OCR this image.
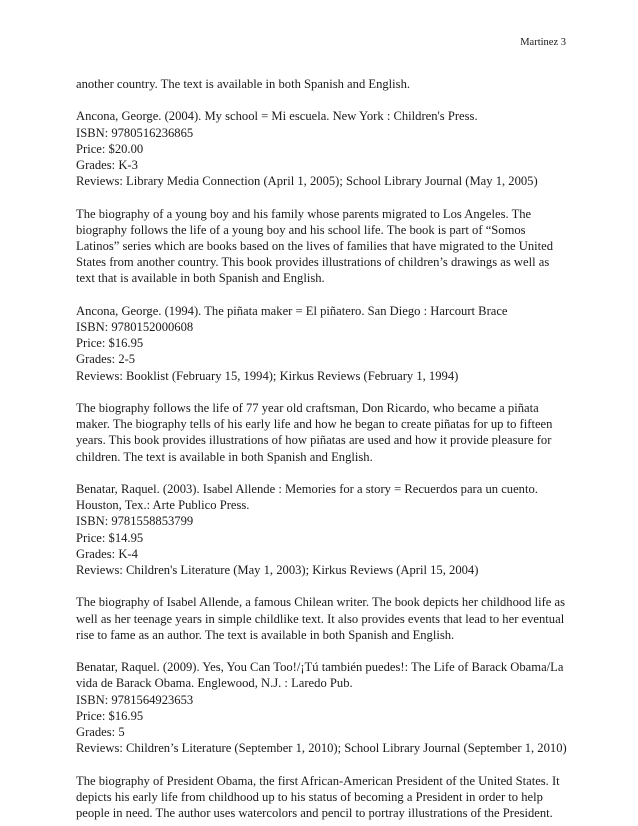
Martinez 3

another country. The text is available in both Spanish and English.

Ancona, George. (2004). My school = Mi escuela. New York : Children's Press.

ISBN: 9780516236865

Price: $20.00

Grades: K-3

Reviews: Library Media Connection (April 1, 2005); School Library Journal (May 1, 2005)

The biography of a young boy and his family whose parents migrated to Los Angeles. The biography follows the life of a young boy and his school life. The book is part of “Somos Latinos” series which are books based on the lives of families that have migrated to the United States from another country. This book provides illustrations of children’s drawings as well as text that is available in both Spanish and English.

Ancona, George. (1994). The piñata maker = El piñatero. San Diego : Harcourt Brace

ISBN: 9780152000608

Price: $16.95

Grades: 2-5

Reviews: Booklist (February 15, 1994); Kirkus Reviews (February 1, 1994)

The biography follows the life of 77 year old craftsman, Don Ricardo, who became a piñata maker. The biography tells of his early life and how he began to create piñatas for up to fifteen years. This book provides illustrations of how piñatas are used and how it provide pleasure for children. The text is available in both Spanish and English.

Benatar, Raquel. (2003). Isabel Allende : Memories for a story = Recuerdos para un cuento.

Houston, Tex.: Arte Publico Press.

ISBN: 9781558853799

Price: $14.95

Grades: K-4

Reviews: Children's Literature (May 1, 2003); Kirkus Reviews (April 15, 2004)

The biography of Isabel Allende, a famous Chilean writer. The book depicts her childhood life as well as her teenage years in simple childlike text. It also provides events that lead to her eventual rise to fame as an author. The text is available in both Spanish and English.

Benatar, Raquel. (2009). Yes, You Can Too!/¡Tú también puedes!: The Life of Barack Obama/La

vida de Barack Obama. Englewood, N.J. : Laredo Pub.

ISBN: 9781564923653

Price: $16.95

Grades: 5

Reviews: Children’s Literature (September 1, 2010); School Library Journal (September 1, 2010)

The biography of President Obama, the first African-American President of the United States. It depicts his early life from childhood up to his status of becoming a President in order to help people in need. The author uses watercolors and pencil to portray illustrations of the President.
